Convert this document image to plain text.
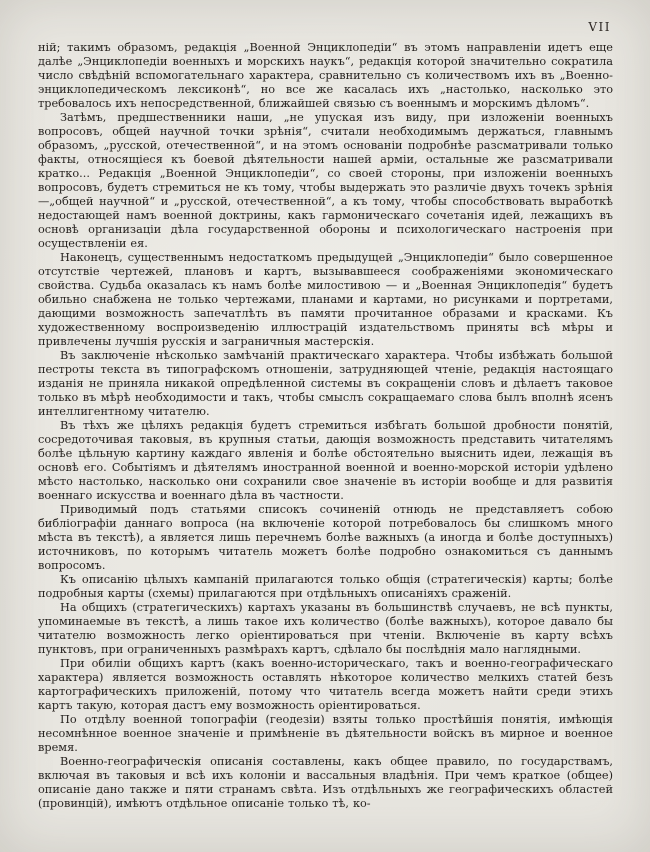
VII

ній; такимъ образомъ, редакція „Военной Энциклопедіи“ въ этомъ направленіи идетъ еще далѣе „Энциклопедіи военныхъ и морскихъ наукъ“, редакція которой значительно сократила число свѣдѣній вспомогательнаго характера, сравнительно съ количествомъ ихъ въ „Военно-энциклопедическомъ лексиконѣ“, но все же касалась ихъ „настолько, насколько это требовалось ихъ непосредственной, ближайшей связью съ военнымъ и морскимъ дѣломъ“.

Затѣмъ, предшественники наши, „не упуская изъ виду, при изложеніи военныхъ вопросовъ, общей научной точки зрѣнія“, считали необходимымъ держаться, главнымъ образомъ, „русской, отечественной“, и на этомъ основаніи подробнѣе разсматривали только факты, относящіеся къ боевой дѣятельности нашей арміи, остальные же разсматривали кратко... Редакція „Военной Энциклопедіи“, со своей стороны, при изложеніи военныхъ вопросовъ, будетъ стремиться не къ тому, чтобы выдержать это различіе двухъ точекъ зрѣнія—„общей научной“ и „русской, отечественной“, а къ тому, чтобы способствовать выработкѣ недостающей намъ военной доктрины, какъ гармоническаго сочетанія идей, лежащихъ въ основѣ организаціи дѣла государственной обороны и психологическаго настроенія при осуществленіи ея.

Наконецъ, существеннымъ недостаткомъ предыдущей „Энциклопедіи“ было совершенное отсутствіе чертежей, плановъ и картъ, вызывавшееся соображеніями экономическаго свойства. Судьба оказалась къ намъ болѣе милостивою — и „Военная Энциклопедія“ будетъ обильно снабжена не только чертежами, планами и картами, но рисунками и портретами, дающими возможность запечатлѣть въ памяти прочитанное образами и красками. Къ художественному воспроизведенію иллюстрацій издательствомъ приняты всѣ мѣры и привлечены лучшія русскія и заграничныя мастерскія.

Въ заключеніе нѣсколько замѣчаній практическаго характера. Чтобы избѣжать большой пестроты текста въ типографскомъ отношеніи, затрудняющей чтеніе, редакція настоящаго изданія не приняла никакой опредѣленной системы въ сокращеніи словъ и дѣлаетъ таковое только въ мѣрѣ необходимости и такъ, чтобы смыслъ сокращаемаго слова былъ вполнѣ ясенъ интеллигентному читателю.

Въ тѣхъ же цѣляхъ редакція будетъ стремиться избѣгать большой дробности понятій, сосредоточивая таковыя, въ крупныя статьи, дающія возможность представить читателямъ болѣе цѣльную картину каждаго явленія и болѣе обстоятельно выяснить идеи, лежащія въ основѣ его. Событіямъ и дѣятелямъ иностранной военной и военно-морской исторіи удѣлено мѣсто настолько, насколько они сохранили свое значеніе въ исторіи вообще и для развитія военнаго искусства и военнаго дѣла въ частности.

Приводимый подъ статьями списокъ сочиненій отнюдь не представляетъ собою библіографіи даннаго вопроса (на включеніе которой потребовалось бы слишкомъ много мѣста въ текстѣ), а является лишь перечнемъ болѣе важныхъ (а иногда и болѣе доступныхъ) источниковъ, по которымъ читатель можетъ болѣе подробно ознакомиться съ даннымъ вопросомъ.

Къ описанію цѣлыхъ кампаній прилагаются только общія (стратегическія) карты; болѣе подробныя карты (схемы) прилагаются при отдѣльныхъ описаніяхъ сраженій.

На общихъ (стратегическихъ) картахъ указаны въ большинствѣ случаевъ, не всѣ пункты, упоминаемые въ текстѣ, а лишь такое ихъ количество (болѣе важныхъ), которое давало бы читателю возможность легко оріентироваться при чтеніи. Включеніе въ карту всѣхъ пунктовъ, при ограниченныхъ размѣрахъ картъ, сдѣлало бы послѣднія мало наглядными.

При обиліи общихъ картъ (какъ военно-историческаго, такъ и военно-географическаго характера) является возможность оставлять нѣкоторое количество мелкихъ статей безъ картографическихъ приложеній, потому что читатель всегда можетъ найти среди этихъ картъ такую, которая дастъ ему возможность оріентироваться.

По отдѣлу военной топографіи (геодезіи) взяты только простѣйшія понятія, имѣющія несомнѣнное военное значеніе и примѣненіе въ дѣятельности войскъ въ мирное и военное время.

Военно-географическія описанія составлены, какъ общее правило, по государствамъ, включая въ таковыя и всѣ ихъ колоніи и вассальныя владѣнія. При чемъ краткое (общее) описаніе дано также и пяти странамъ свѣта. Изъ отдѣльныхъ же географическихъ областей (провинцій), имѣютъ отдѣльное описаніе только тѣ, ко-
